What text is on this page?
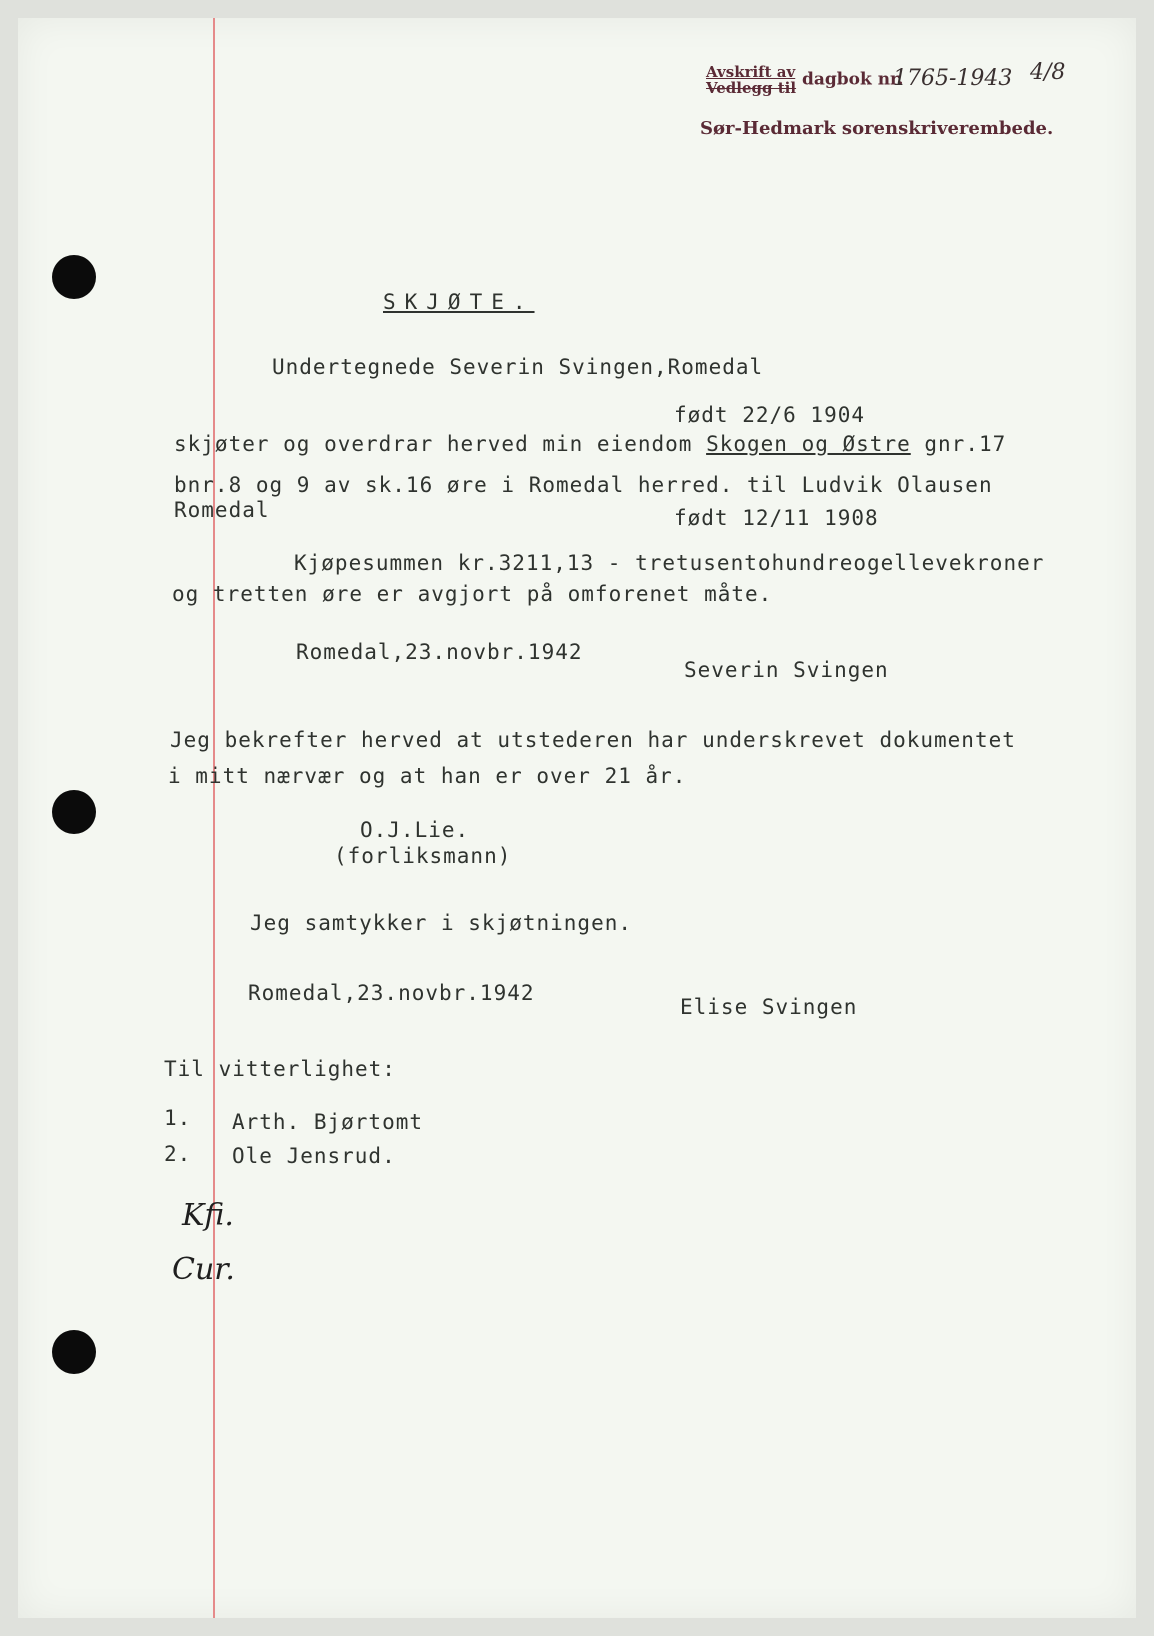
Avskrift av
Vedlegg til dagbok nr.
1765-1943 4/8
Sør-Hedmark sorenskriverembede.
SKJØTE.
Undertegnede Severin Svingen,Romedal
født 22/6 1904
skjøter og overdrar herved min eiendom Skogen og Østre gnr.17
bnr.8 og 9 av sk.16 øre i Romedal herred. til Ludvik Olausen
Romedal	født 12/11 1908
Kjøpesummen kr.3211,13 - tretusentohundreogellevekroner
og tretten øre er avgjort på omforenet måte.
Romedal,23.novbr.1942
Severin Svingen
Jeg bekrefter herved at utstederen har underskrevet dokumentet
i mitt nærvær og at han er over 21 år.
O.J.Lie.
(forliksmann)
Jeg samtykker i skjøtningen.
Romedal,23.novbr.1942
Elise Svingen
Til vitterlighet:
1. Arth. Bjørtomt
2. Ole Jensrud.
Kfi.
Cur.
